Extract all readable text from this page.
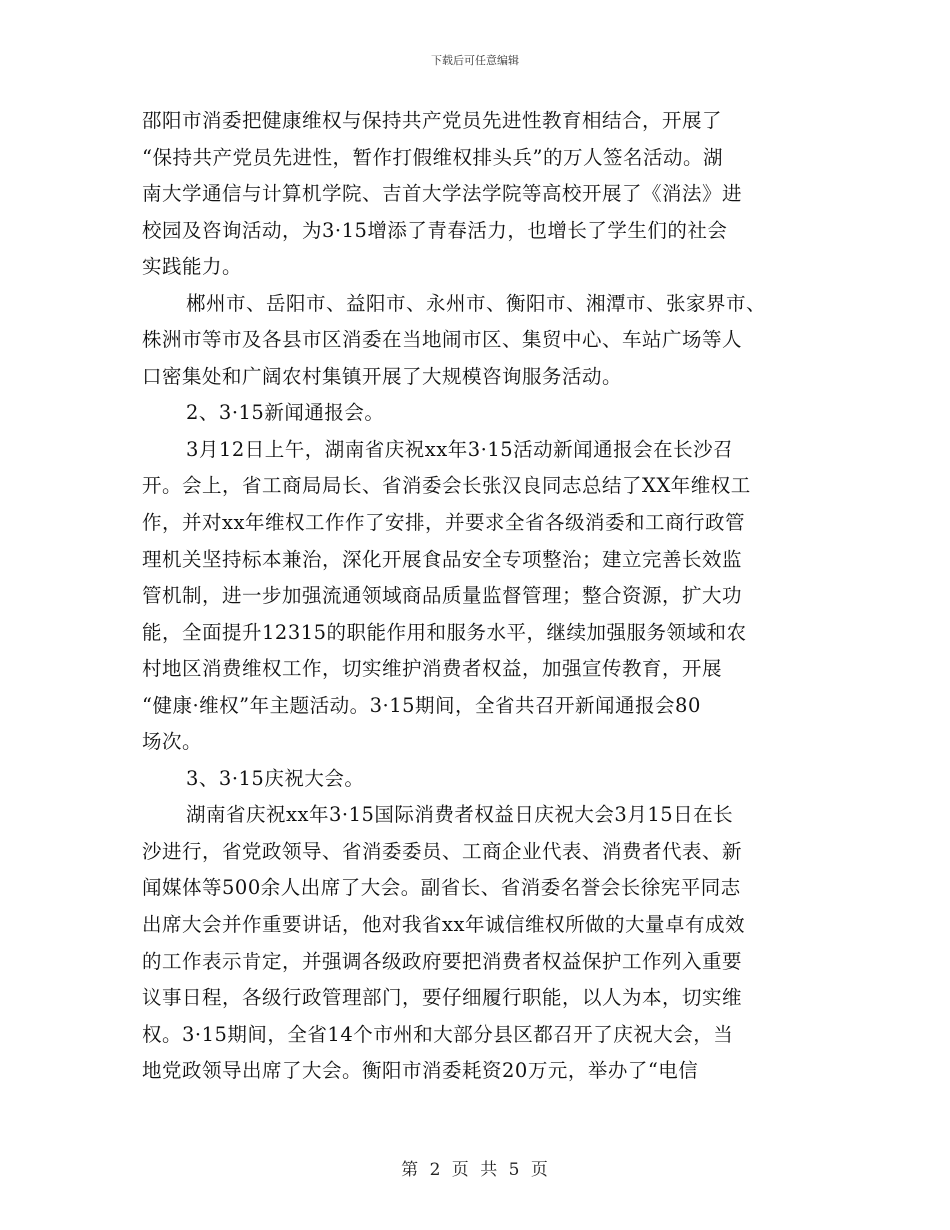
下载后可任意编辑
邵阳市消委把健康维权与保持共产党员先进性教育相结合，开展了
“保持共产党员先进性，暂作打假维权排头兵”的万人签名活动。湖
南大学通信与计算机学院、吉首大学法学院等高校开展了《消法》进
校园及咨询活动，为3·15增添了青春活力，也增长了学生们的社会
实践能力。
郴州市、岳阳市、益阳市、永州市、衡阳市、湘潭市、张家界市、
株洲市等市及各县市区消委在当地闹市区、集贸中心、车站广场等人
口密集处和广阔农村集镇开展了大规模咨询服务活动。
2、3·15新闻通报会。
3月12日上午，湖南省庆祝xx年3·15活动新闻通报会在长沙召
开。会上，省工商局局长、省消委会长张汉良同志总结了XX年维权工
作，并对xx年维权工作作了安排，并要求全省各级消委和工商行政管
理机关坚持标本兼治，深化开展食品安全专项整治；建立完善长效监
管机制，进一步加强流通领域商品质量监督管理；整合资源，扩大功
能，全面提升12315的职能作用和服务水平，继续加强服务领域和农
村地区消费维权工作，切实维护消费者权益，加强宣传教育，开展
“健康·维权”年主题活动。3·15期间，全省共召开新闻通报会80
场次。
3、3·15庆祝大会。
湖南省庆祝xx年3·15国际消费者权益日庆祝大会3月15日在长
沙进行，省党政领导、省消委委员、工商企业代表、消费者代表、新
闻媒体等500余人出席了大会。副省长、省消委名誉会长徐宪平同志
出席大会并作重要讲话，他对我省xx年诚信维权所做的大量卓有成效
的工作表示肯定，并强调各级政府要把消费者权益保护工作列入重要
议事日程，各级行政管理部门，要仔细履行职能，以人为本，切实维
权。3·15期间，全省14个市州和大部分县区都召开了庆祝大会，当
地党政领导出席了大会。衡阳市消委耗资20万元，举办了“电信
第 2 页 共 5 页
